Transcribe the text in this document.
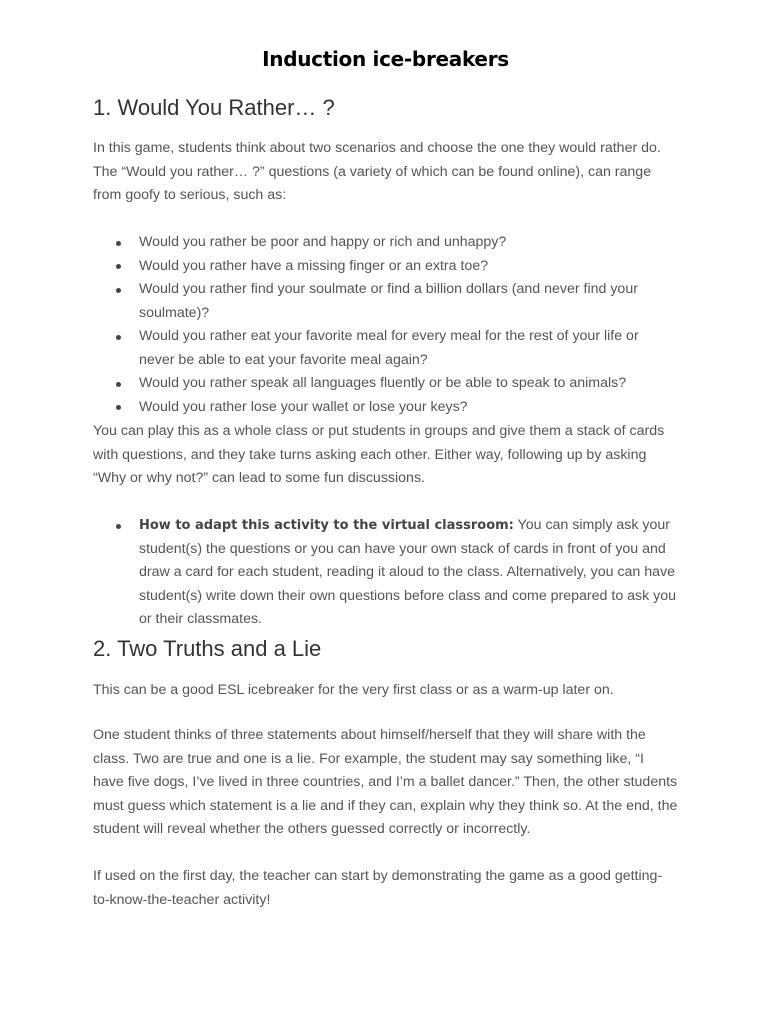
Induction ice-breakers
1. Would You Rather… ?

In this game, students think about two scenarios and choose the one they would rather do. The “Would you rather… ?” questions (a variety of which can be found online), can range from goofy to serious, such as:

Would you rather be poor and happy or rich and unhappy?
Would you rather have a missing finger or an extra toe?
Would you rather find your soulmate or find a billion dollars (and never find your soulmate)?
Would you rather eat your favorite meal for every meal for the rest of your life or never be able to eat your favorite meal again?
Would you rather speak all languages fluently or be able to speak to animals?
Would you rather lose your wallet or lose your keys?

You can play this as a whole class or put students in groups and give them a stack of cards with questions, and they take turns asking each other. Either way, following up by asking “Why or why not?” can lead to some fun discussions.

How to adapt this activity to the virtual classroom: You can simply ask your student(s) the questions or you can have your own stack of cards in front of you and draw a card for each student, reading it aloud to the class. Alternatively, you can have student(s) write down their own questions before class and come prepared to ask you or their classmates.
2. Two Truths and a Lie

This can be a good ESL icebreaker for the very first class or as a warm-up later on.

One student thinks of three statements about himself/herself that they will share with the class. Two are true and one is a lie. For example, the student may say something like, “I have five dogs, I’ve lived in three countries, and I’m a ballet dancer.” Then, the other students must guess which statement is a lie and if they can, explain why they think so. At the end, the student will reveal whether the others guessed correctly or incorrectly.

If used on the first day, the teacher can start by demonstrating the game as a good getting-to-know-the-teacher activity!
